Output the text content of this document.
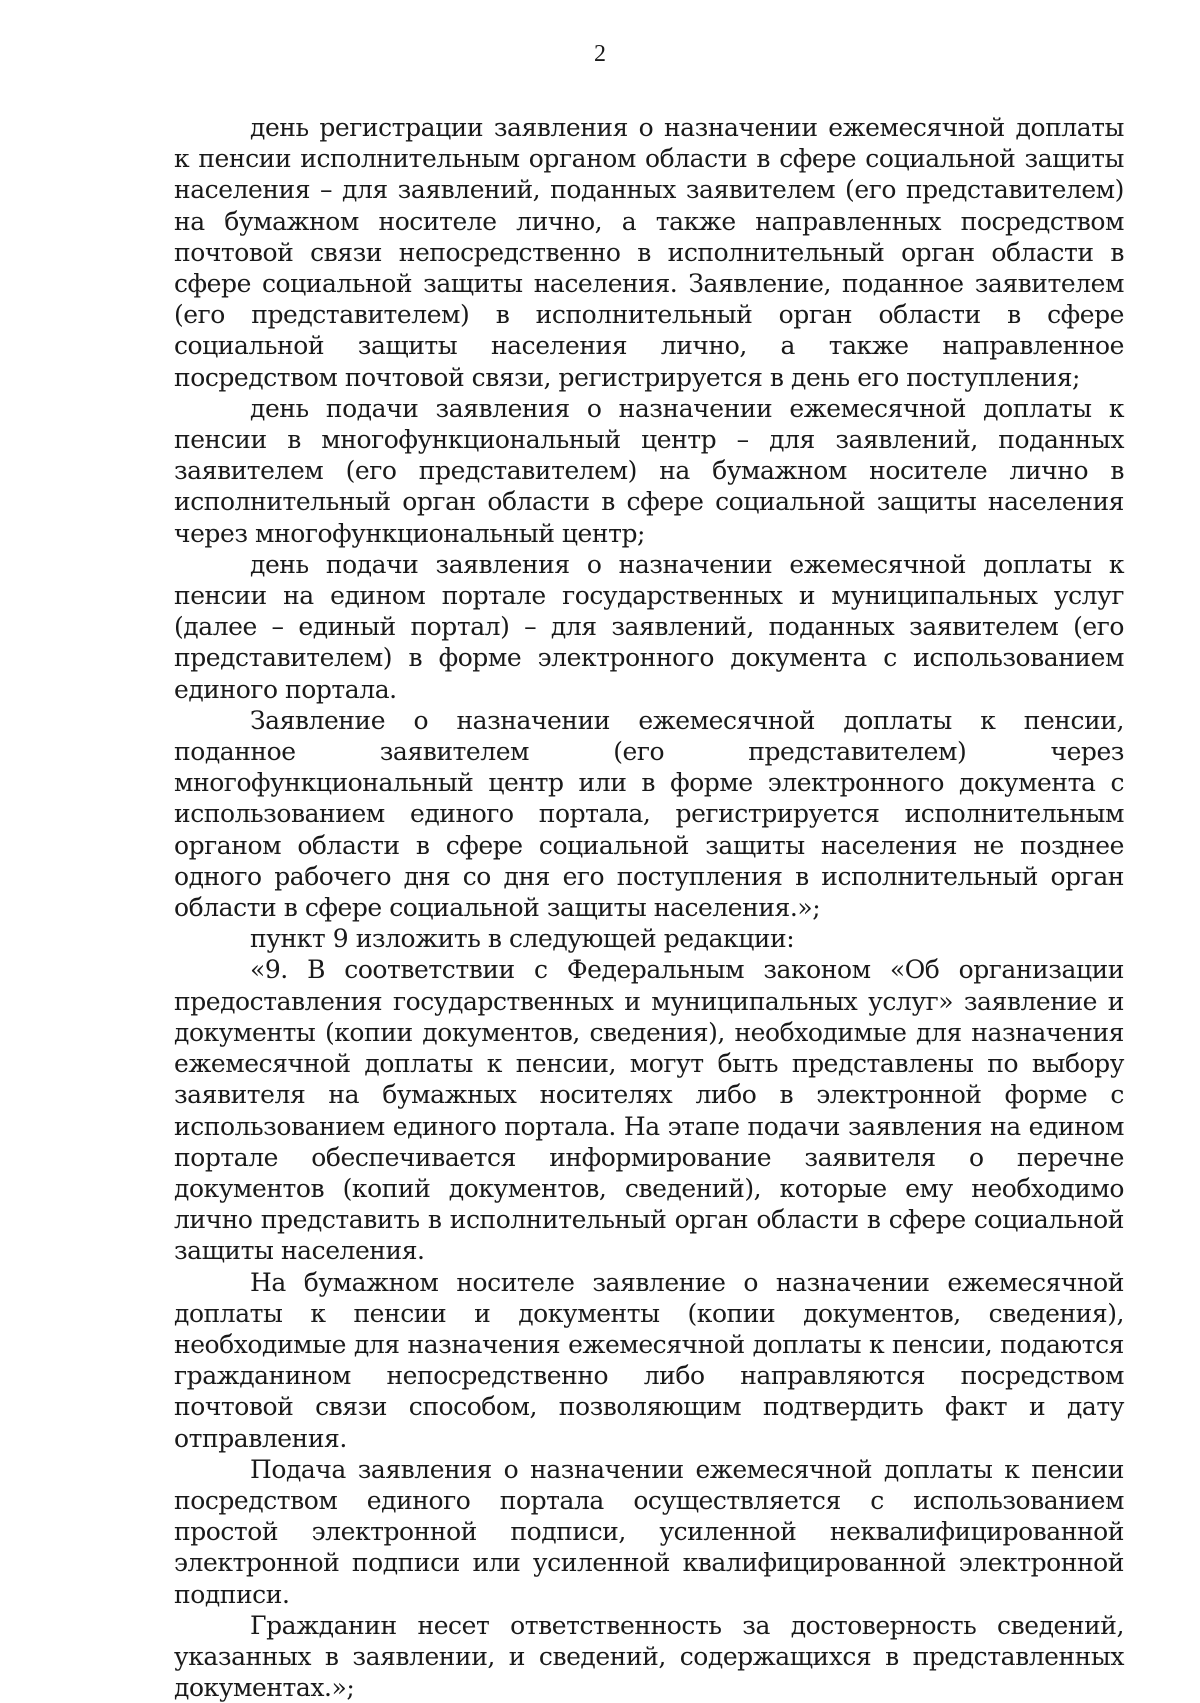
2

день регистрации заявления о назначении ежемесячной доплаты к пенсии исполнительным органом области в сфере социальной защиты населения – для заявлений, поданных заявителем (его представителем) на бумажном носителе лично, а также направленных посредством почтовой связи непосредственно в исполнительный орган области в сфере социальной защиты населения. Заявление, поданное заявителем (его представителем) в исполнительный орган области в сфере социальной защиты населения лично, а также направленное посредством почтовой связи, регистрируется в день его поступления;

день подачи заявления о назначении ежемесячной доплаты к пенсии в многофункциональный центр – для заявлений, поданных заявителем (его представителем) на бумажном носителе лично в исполнительный орган области в сфере социальной защиты населения через многофункциональный центр;

день подачи заявления о назначении ежемесячной доплаты к пенсии на едином портале государственных и муниципальных услуг (далее – единый портал) – для заявлений, поданных заявителем (его представителем) в форме электронного документа с использованием единого портала.

Заявление о назначении ежемесячной доплаты к пенсии, поданное заявителем (его представителем) через многофункциональный центр или в форме электронного документа с использованием единого портала, регистрируется исполнительным органом области в сфере социальной защиты населения не позднее одного рабочего дня со дня его поступления в исполнительный орган области в сфере социальной защиты населения.»;

пункт 9 изложить в следующей редакции:

«9. В соответствии с Федеральным законом «Об организации предоставления государственных и муниципальных услуг» заявление и документы (копии документов, сведения), необходимые для назначения ежемесячной доплаты к пенсии, могут быть представлены по выбору заявителя на бумажных носителях либо в электронной форме с использованием единого портала. На этапе подачи заявления на едином портале обеспечивается информирование заявителя о перечне документов (копий документов, сведений), которые ему необходимо лично представить в исполнительный орган области в сфере социальной защиты населения.

На бумажном носителе заявление о назначении ежемесячной доплаты к пенсии и документы (копии документов, сведения), необходимые для назначения ежемесячной доплаты к пенсии, подаются гражданином непосредственно либо направляются посредством почтовой связи способом, позволяющим подтвердить факт и дату отправления.

Подача заявления о назначении ежемесячной доплаты к пенсии посредством единого портала осуществляется с использованием простой электронной подписи, усиленной неквалифицированной электронной подписи или усиленной квалифицированной электронной подписи.

Гражданин несет ответственность за достоверность сведений, указанных в заявлении, и сведений, содержащихся в представленных документах.»;
